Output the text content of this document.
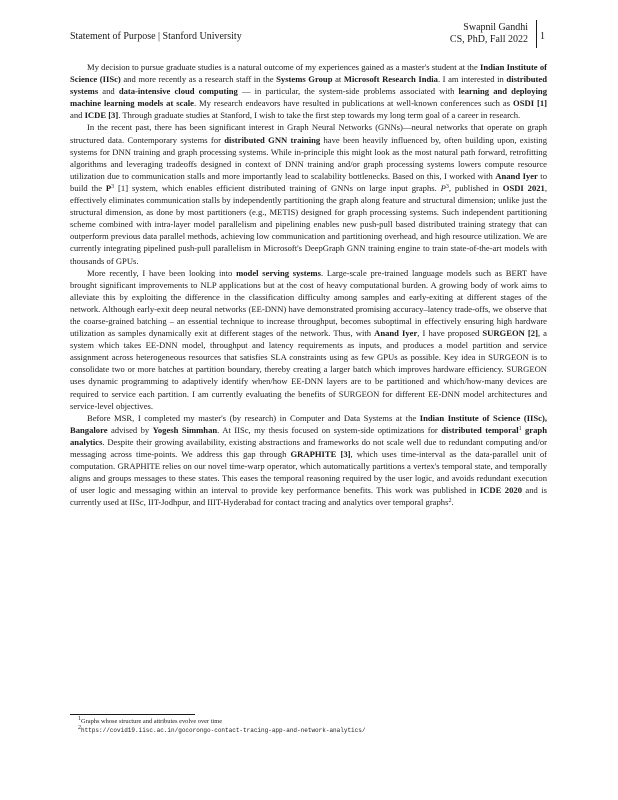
Statement of Purpose | Stanford University
Swapnil Gandhi
CS, PhD, Fall 2022 1

My decision to pursue graduate studies is a natural outcome of my experiences gained as a master's student at the Indian Institute of Science (IISc) and more recently as a research staff in the Systems Group at Microsoft Research India. I am interested in distributed systems and data-intensive cloud computing — in particular, the system-side problems associated with learning and deploying machine learning models at scale. My research endeavors have resulted in publications at well-known conferences such as OSDI [1] and ICDE [3]. Through graduate studies at Stanford, I wish to take the first step towards my long term goal of a career in research.

In the recent past, there has been significant interest in Graph Neural Networks (GNNs)—neural networks that operate on graph structured data. Contemporary systems for distributed GNN training have been heavily influenced by, often building upon, existing systems for DNN training and graph processing systems. While in-principle this might look as the most natural path forward, retrofitting algorithms and leveraging tradeoffs designed in context of DNN training and/or graph processing systems lowers compute resource utilization due to communication stalls and more importantly lead to scalability bottlenecks. Based on this, I worked with Anand Iyer to build the $P^3$ [1] system, which enables efficient distributed training of GNNs on large input graphs. $P^3$, published in OSDI 2021, effectively eliminates communication stalls by independently partitioning the graph along feature and structural dimension; unlike just the structural dimension, as done by most partitioners (e.g., METIS) designed for graph processing systems. Such independent partitioning scheme combined with intra-layer model parallelism and pipelining enables new push-pull based distributed training strategy that can outperform previous data parallel methods, achieving low communication and partitioning overhead, and high resource utilization. We are currently integrating pipelined push-pull parallelism in Microsoft's DeepGraph GNN training engine to train state-of-the-art models with thousands of GPUs.

More recently, I have been looking into model serving systems. Large-scale pre-trained language models such as BERT have brought significant improvements to NLP applications but at the cost of heavy computational burden. A growing body of work aims to alleviate this by exploiting the difference in the classification difficulty among samples and early-exiting at different stages of the network. Although early-exit deep neural networks (EE-DNN) have demonstrated promising accuracy–latency trade-offs, we observe that the coarse-grained batching – an essential technique to increase throughput, becomes suboptimal in effectively ensuring high hardware utilization as samples dynamically exit at different stages of the network. Thus, with Anand Iyer, I have proposed SURGEON [2], a system which takes EE-DNN model, throughput and latency requirements as inputs, and produces a model partition and service assignment across heterogeneous resources that satisfies SLA constraints using as few GPUs as possible. Key idea in SURGEON is to consolidate two or more batches at partition boundary, thereby creating a larger batch which improves hardware efficiency. SURGEON uses dynamic programming to adaptively identify when/how EE-DNN layers are to be partitioned and which/how-many devices are required to service each partition. I am currently evaluating the benefits of SURGEON for different EE-DNN model architectures and service-level objectives.

Before MSR, I completed my master's (by research) in Computer and Data Systems at the Indian Institute of Science (IISc), Bangalore advised by Yogesh Simmhan. At IISc, my thesis focused on system-side optimizations for distributed temporal$^1$ graph analytics. Despite their growing availability, existing abstractions and frameworks do not scale well due to redundant computing and/or messaging across time-points. We address this gap through GRAPHITE [3], which uses time-interval as the data-parallel unit of computation. GRAPHITE relies on our novel time-warp operator, which automatically partitions a vertex's temporal state, and temporally aligns and groups messages to these states. This eases the temporal reasoning required by the user logic, and avoids redundant execution of user logic and messaging within an interval to provide key performance benefits. This work was published in ICDE 2020 and is currently used at IISc, IIT-Jodhpur, and IIIT-Hyderabad for contact tracing and analytics over temporal graphs$^2$.

$^1$Graphs whose structure and attributes evolve over time
$^2$https://covid19.iisc.ac.in/gocorongo-contact-tracing-app-and-network-analytics/
